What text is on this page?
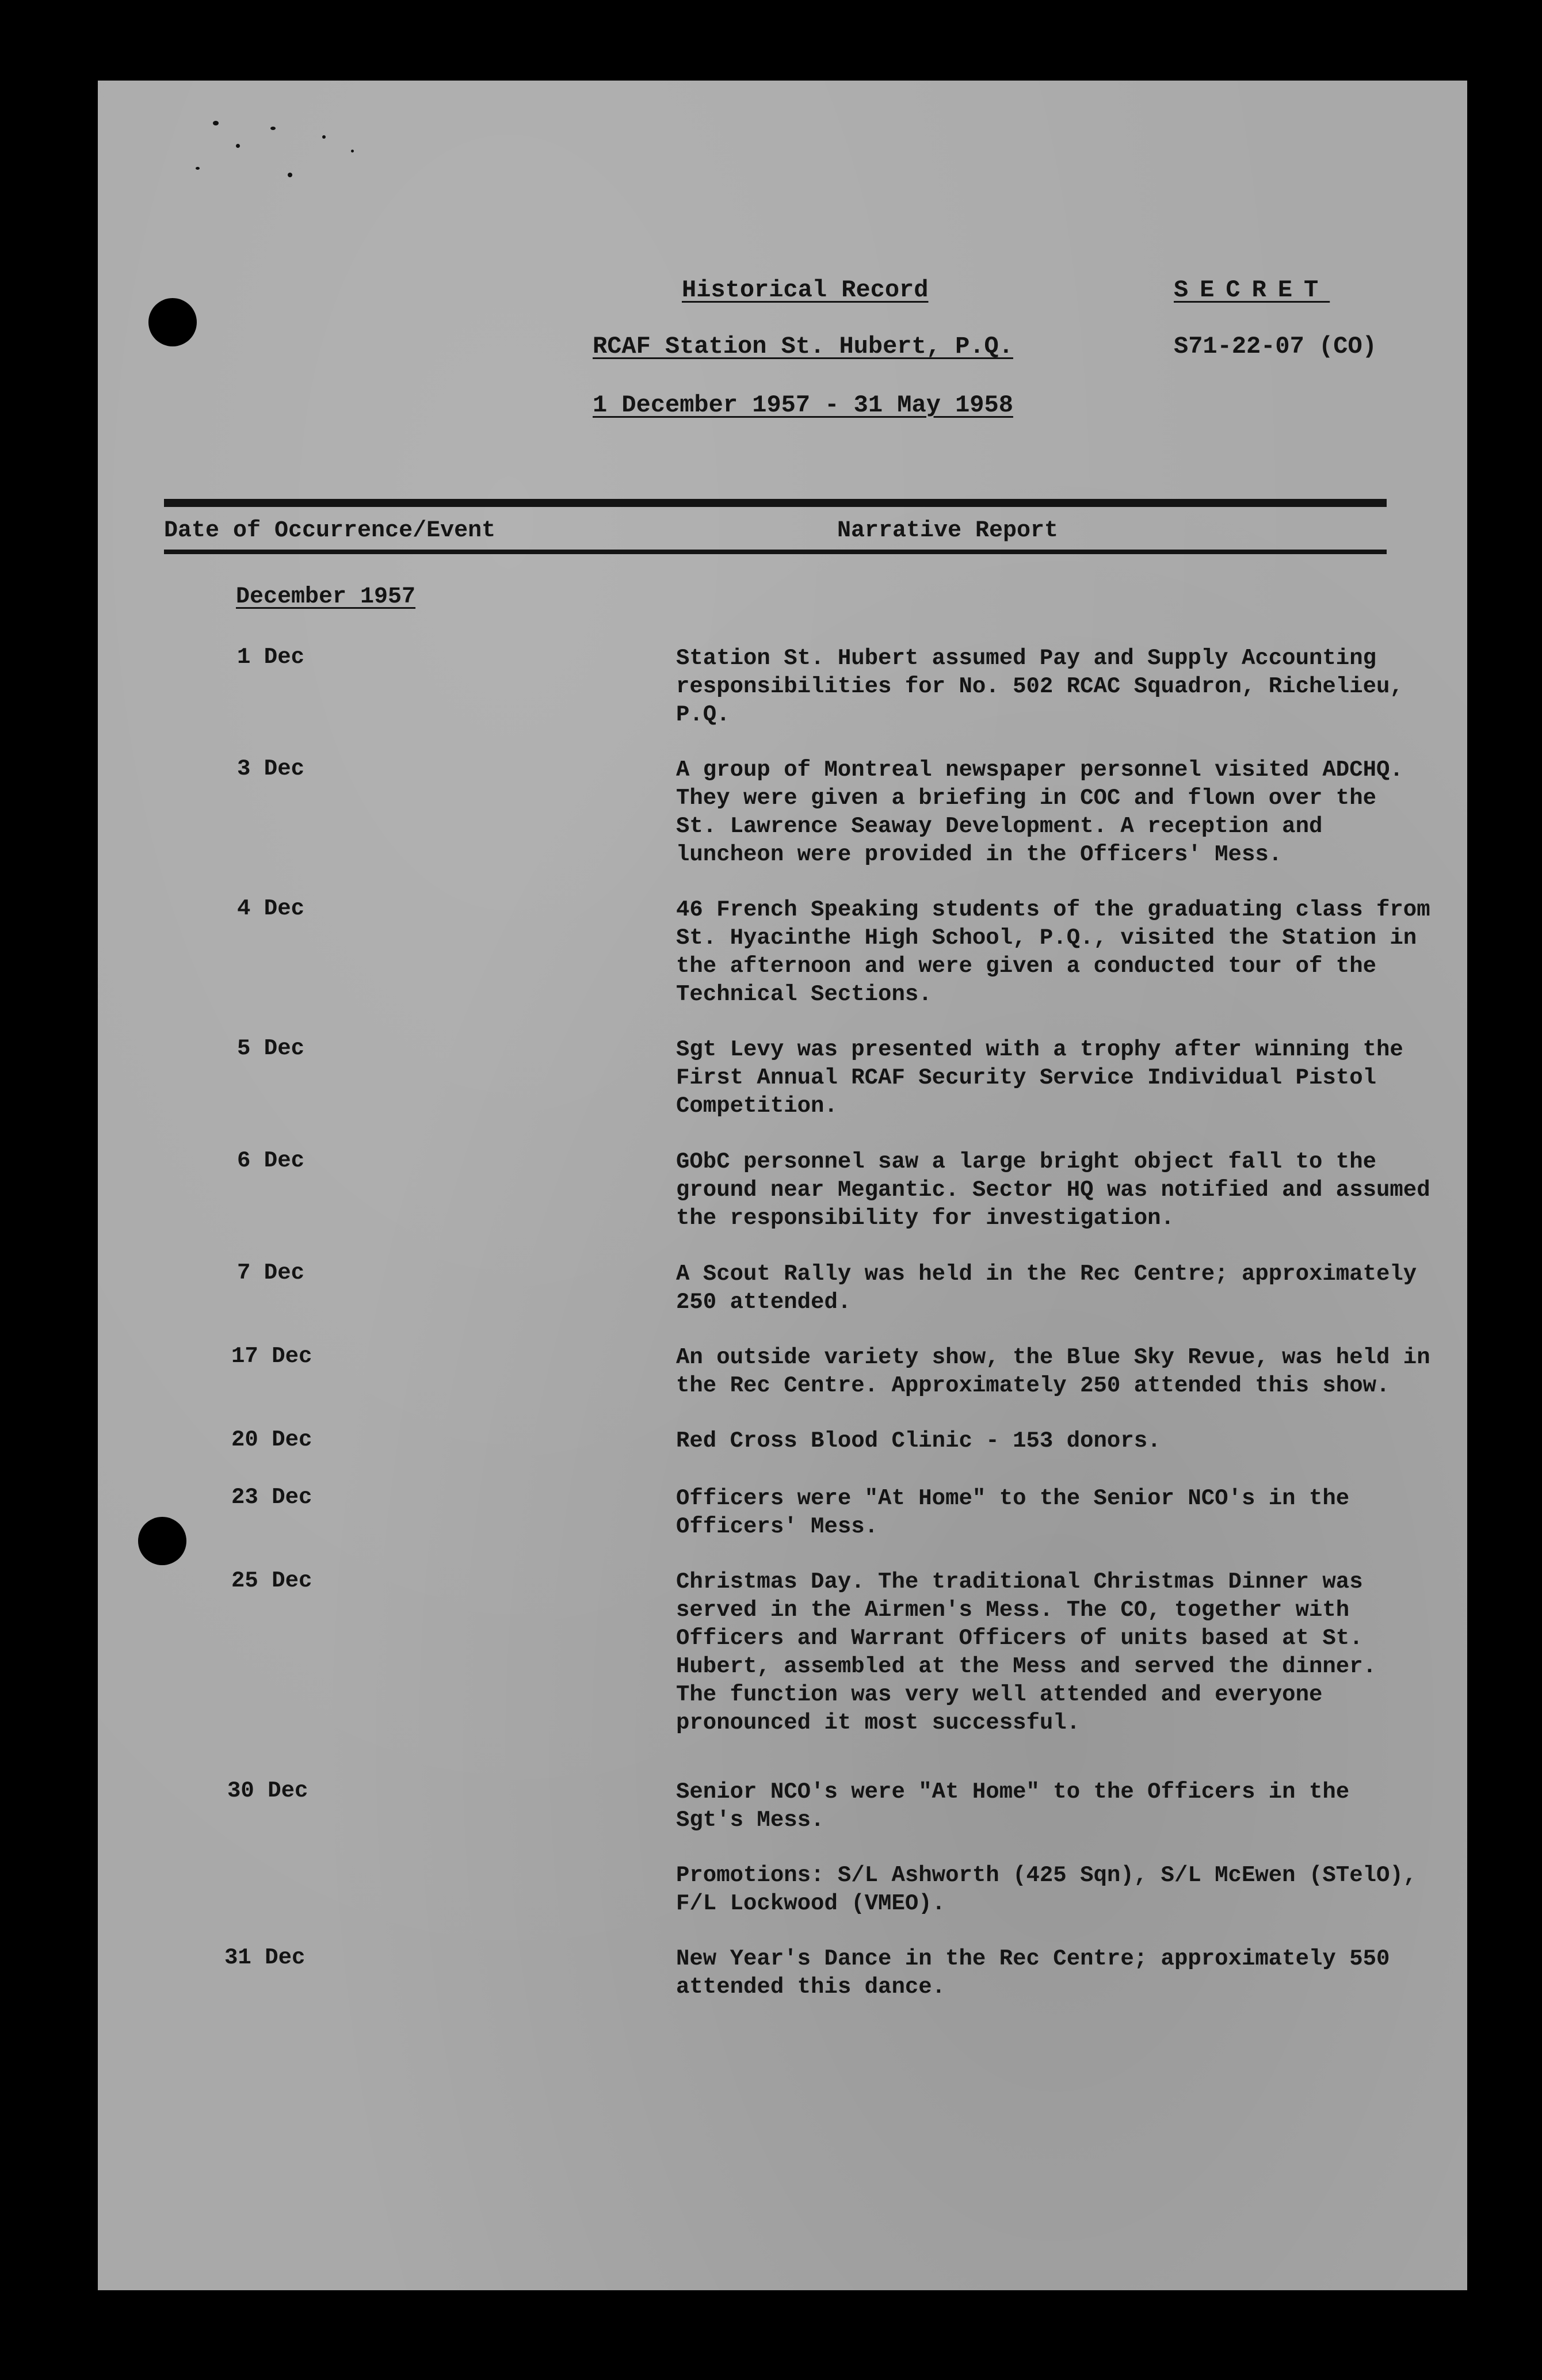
Historical Record	SECRET
RCAF Station St. Hubert, P.Q.	S71-22-07 (CO)
1 December 1957 - 31 May 1958
Date of Occurrence/Event	Narrative Report
December 1957
1 Dec	Station St. Hubert assumed Pay and Supply Accounting
responsibilities for No. 502 RCAC Squadron, Richelieu,
P.Q.
3 Dec	A group of Montreal newspaper personnel visited ADCHQ.
They were given a briefing in COC and flown over the
St. Lawrence Seaway Development. A reception and
luncheon were provided in the Officers' Mess.
4 Dec	46 French Speaking students of the graduating class from
St. Hyacinthe High School, P.Q., visited the Station in
the afternoon and were given a conducted tour of the
Technical Sections.
5 Dec	Sgt Levy was presented with a trophy after winning the
First Annual RCAF Security Service Individual Pistol
Competition.
6 Dec	GObC personnel saw a large bright object fall to the
ground near Megantic. Sector HQ was notified and assumed
the responsibility for investigation.
7 Dec	A Scout Rally was held in the Rec Centre; approximately
250 attended.
17 Dec	An outside variety show, the Blue Sky Revue, was held in
the Rec Centre. Approximately 250 attended this show.
20 Dec	Red Cross Blood Clinic - 153 donors.
23 Dec	Officers were "At Home" to the Senior NCO's in the
Officers' Mess.
25 Dec	Christmas Day. The traditional Christmas Dinner was
served in the Airmen's Mess. The CO, together with
Officers and Warrant Officers of units based at St.
Hubert, assembled at the Mess and served the dinner.
The function was very well attended and everyone
pronounced it most successful.
30 Dec	Senior NCO's were "At Home" to the Officers in the
Sgt's Mess.
Promotions: S/L Ashworth (425 Sqn), S/L McEwen (STelO),
F/L Lockwood (VMEO).
31 Dec	New Year's Dance in the Rec Centre; approximately 550
attended this dance.
